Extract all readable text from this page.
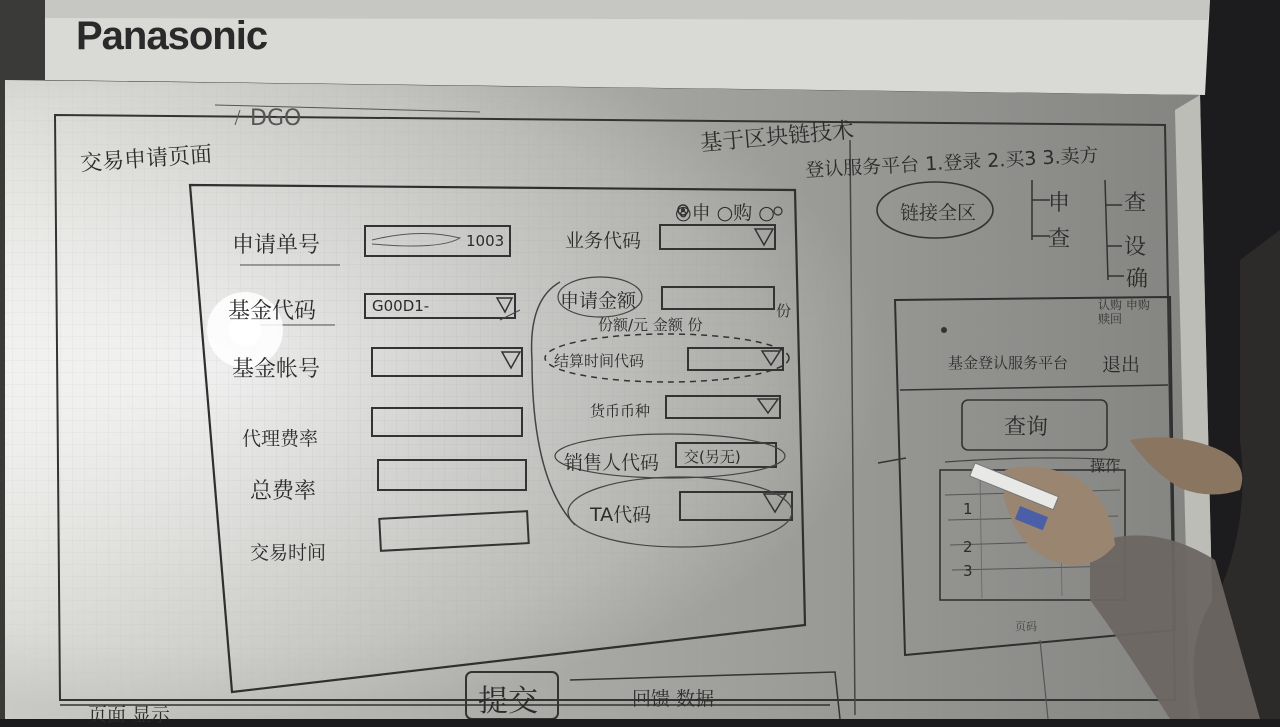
Panasonic
DGO
交易申请页面
基于区块链技术
登认服务平台 1.登录 2.买3 3.卖方
链接全区	申
查
查
设
确
申请单号
基金代码
基金帐号
代理费率
总费率
交易时间
1003
G00D1-
◎申 ○购 ○
业务代码
申请金额
份额/元 金额 份
份
结算时间代码
货币币种
销售人代码 交(另无)
TA代码
提交	回馈 数据
页面 显示
基金登认服务平台
认购 申购 赎回
退出
查询
操作
1
2
3
页码
